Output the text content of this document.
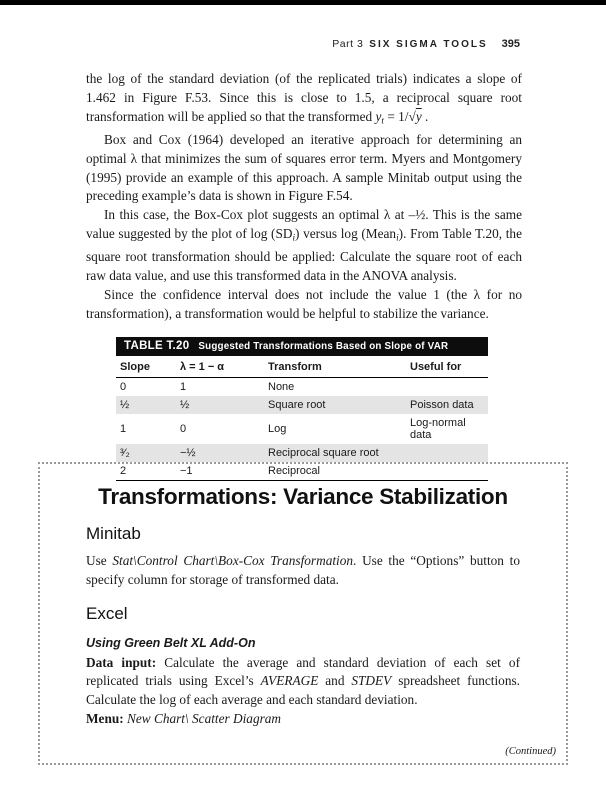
Part 3 SIX SIGMA TOOLS 395

the log of the standard deviation (of the replicated trials) indicates a slope of 1.462 in Figure F.53. Since this is close to 1.5, a reciprocal square root transformation will be applied so that the transformed $y_t = 1/√y$ .

Box and Cox (1964) developed an iterative approach for determining an optimal λ that minimizes the sum of squares error term. Myers and Montgomery (1995) provide an example of this approach. A sample Minitab output using the preceding example’s data is shown in Figure F.54.

In this case, the Box-Cox plot suggests an optimal λ at –½. This is the same value suggested by the plot of $\log (SD_i)$ versus log (Mean$_i$). From Table T.20, the square root transformation should be applied: Calculate the square root of each raw data value, and use this transformed data in the ANOVA analysis.

Since the confidence interval does not include the value 1 (the λ for no transformation), a transformation would be helpful to stabilize the variance.

TABLE T.20 Suggested Transformations Based on Slope of VAR
Slope	λ = 1 − α	Transform	Useful for
0	1	None	
½	½	Square root	Poisson data
1	0	Log	Log-normal data
³⁄₂	−½	Reciprocal square root	
2	−1	Reciprocal	
Transformations: Variance Stabilization
Minitab

Use Stat\Control Chart\Box-Cox Transformation. Use the “Options” button to specify column for storage of transformed data.

Excel
Using Green Belt XL Add-On

Data input: Calculate the average and standard deviation of each set of replicated trials using Excel’s AVERAGE and STDEV spreadsheet functions. Calculate the log of each average and each standard deviation.

Menu: New Chart\ Scatter Diagram

(Continued)
